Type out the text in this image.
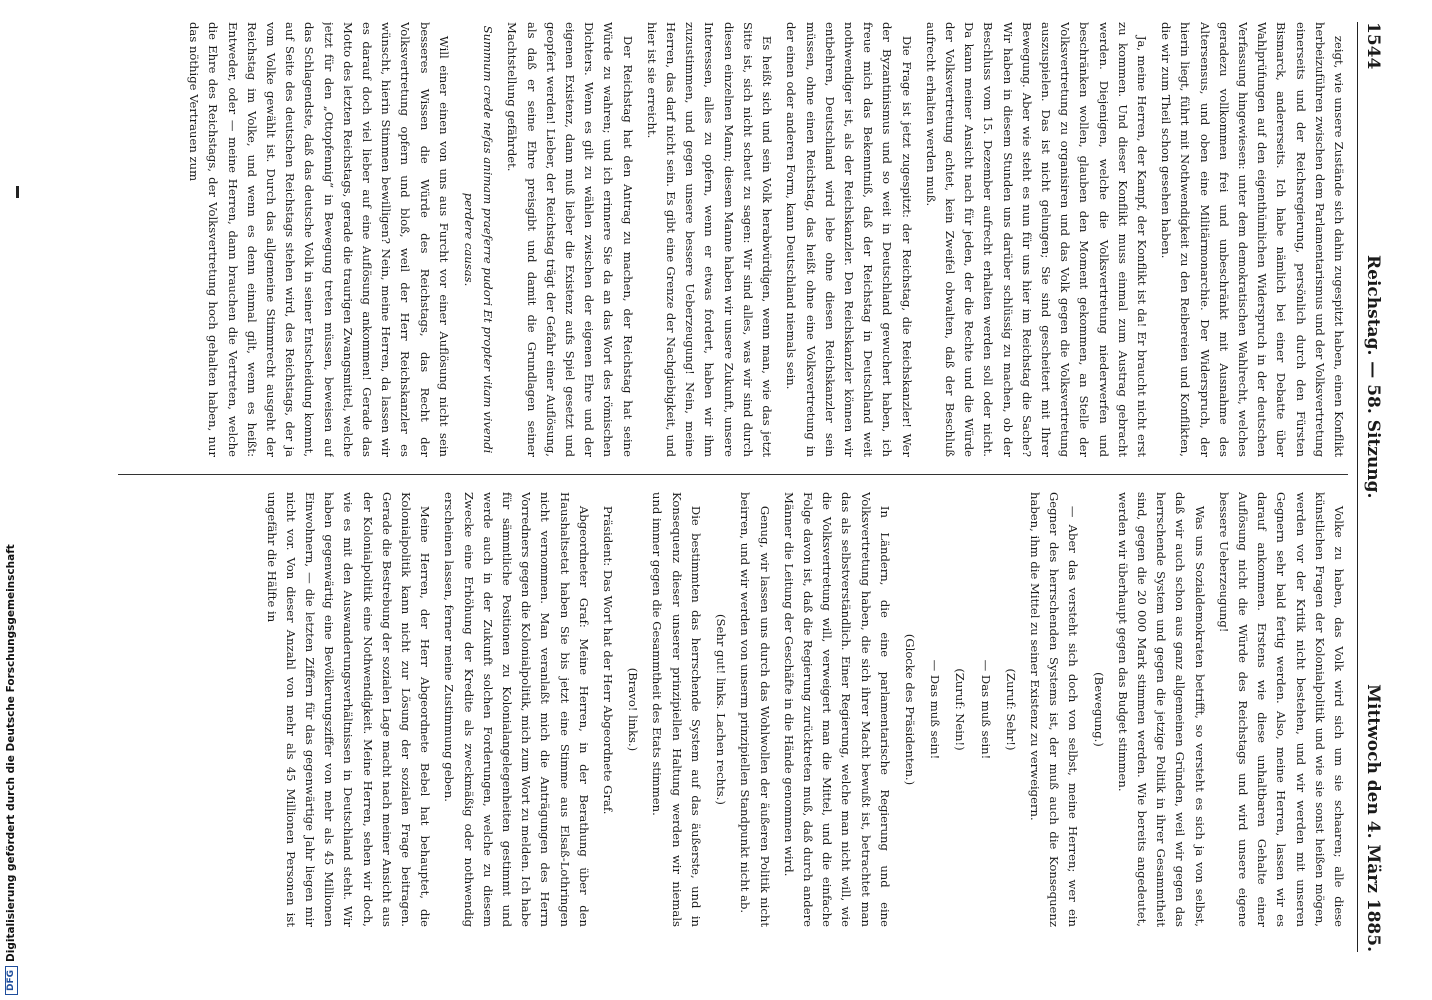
DFG
Digitalisierung gefördert durch die Deutsche Forschungsgemeinschaft
1544
Reichstag. — 58. Sitzung.
Mittwoch den 4. März 1885.

zeigt, wie unsere Zustände sich dahin zugespitzt haben, einen Konflikt herbeizuführen zwischen dem Parlamentarismus und der Volksvertretung einerseits und der Reichsregierung, persönlich durch den Fürsten Bismarck, andererseits. Ich habe nämlich bei einer Debatte über Wahlprüfungen auf den eigenthümlichen Widerspruch in der deutschen Verfassung hingewiesen: unter dem demokratischen Wahlrecht, welches geradezu vollkommen frei und unbeschränkt mit Ausnahme des Altersensus, und oben eine Militärmonarchie. Der Widerspruch, der hierin liegt, führt mit Nothwendigkeit zu den Reibereien und Konflikten, die wir zum Theil schon gesehen haben.

Ja, meine Herren, der Kampf, der Konflikt ist da! Er braucht nicht erst zu kommen. Und dieser Konflikt muss einmal zum Austrag gebracht werden. Diejenigen, welche die Volksvertretung niederwerfen und beschränken wollen, glauben den Moment gekommen, an Stelle der Volksvertretung zu organisiren und das Volk gegen die Volksvertretung auszuspielen. Das ist nicht gelungen; Sie sind gescheitert mit Ihrer Bewegung. Aber wie steht es nun für uns hier im Reichstag die Sache? Wir haben in diesem Stunden uns darüber schlüssig zu machen, ob der Beschluss vom 15. Dezember aufrecht erhalten werden soll oder nicht. Da kann meiner Ansicht nach für jeden, der die Rechte und die Würde der Volksvertretung achtet, kein Zweifel obwalten, daß der Beschluß aufrecht erhalten werden muß.

Die Frage ist jetzt zugespitzt: der Reichstag, die Reichskanzler! Wer der Byzantinismus und so weit in Deutschland gewuchert haben, ich freue mich das Bekenntniß, daß der Reichstag in Deutschland weit nothwendiger ist, als der Reichskanzler. Den Reichskanzler können wir entbehren, Deutschland wird lebe ohne diesen Reichskanzler sein müssen, ohne einen Reichstag, das heißt ohne eine Volksvertretung in der einen oder anderen Form, kann Deutschland niemals sein.

Es heißt sich und sein Volk herabwürdigen, wenn man, wie das jetzt Sitte ist, sich nicht scheut zu sagen: Wir sind alles, was wir sind durch diesen einzelnen Mann; diesem Manne haben wir unsere Zukunft, unsere Interessen, alles zu opfern, wenn er etwas fordert, haben wir ihm zuzustimmen, und gegen unsere bessere Ueberzeugung! Nein, meine Herren, das darf nicht sein. Es gibt eine Grenze der Nachgiebigkeit, und hier ist sie erreicht.

Der Reichstag hat den Antrag zu machen, der Reichstag hat seine Würde zu wahren; und ich erinnere Sie da an das Wort des römischen Dichters. Wenn es gilt zu wählen zwischen der eigenen Ehre und der eigenen Existenz, dann muß lieber die Existenz aufs Spiel gesetzt und geopfert werden! Lieber, der Reichstag trägt der Gefahr einer Auflösung, als daß er seine Ehre preisgibt und damit die Grundlagen seiner Machtstellung gefährdet.

Summum crede nefas animam praeferre pudori Et propter vitam vivendi perdere causas.

Will einer einen von uns aus Furcht vor einer Auflösung nicht sein besseres Wissen die Würde des Reichstags, das Recht der Volksvertretung opfern und bloß, weil der Herr Reichskanzler es wünscht, hierin Stimmen bewilligen? Nein, meine Herren, da lassen wir es darauf doch viel lieber auf eine Auflösung ankommen! Gerade das Motto des letzten Reichstags, gerade die traurigen Zwangsmittel, welche jetzt für den „Ottopfennig“ in Bewegung treten müssen, beweisen auf das Schlagendste, daß das deutsche Volk in seiner Entscheidung kommt, auf Seite des deutschen Reichstags stehen wird, des Reichstags, der ja vom Volke gewählt ist. Durch das allgemeine Stimmrecht ausgeht der Reichstag im Volke, und wenn es denn einmal gilt, wenn es heißt: Entweder, oder — meine Herren, dann brauchen die Vertreten, welche die Ehre des Reichstags, der Volksvertretung hoch gehalten haben, nur das nöthige Vertrauen zum

Volke zu haben, das Volk wird sich um sie schaaren; alle diese künstlichen Fragen der Kolonialpolitik und wie sie sonst heißen mögen, werden vor der Kritik nicht bestehen, und wir werden mit unseren Gegnern sehr bald fertig werden. Also, meine Herren, lassen wir es darauf ankommen. Erstens wie diese unhaltbaren Gehalte einer Auflösung nicht die Würde des Reichstags und wird unsere eigene bessere Ueberzeugung!

Was uns Sozialdemokraten betrifft, so versteht es sich ja von selbst, daß wir auch schon aus ganz allgemeinen Gründen, weil wir gegen das herrschende System und gegen die jetzige Politik in ihrer Gesammtheit sind, gegen die 20 000 Mark stimmen werden. Wie bereits angedeutet, werden wir überhaupt gegen das Budget stimmen.

(Bewegung.)

— Aber das versteht sich doch von selbst, meine Herren; wer ein Gegner des herrschenden Systems ist, der muß auch die Konsequenz haben, ihm die Mittel zu seiner Existenz zu verweigern.

(Zuruf: Sehr!)

— Das muß sein!

(Zuruf: Nein!)

— Das muß sein!

(Glocke des Präsidenten.)

In Ländern, die eine parlamentarische Regierung und eine Volksvertretung haben, die sich ihrer Macht bewußt ist, betrachtet man das als selbstverständlich. Einer Regierung, welche man nicht will, wie die Volksvertretung will, verweigert man die Mittel, und die einfache Folge davon ist, daß die Regierung zurücktreten muß, daß durch andere Männer die Leitung der Geschäfte in die Hände genommen wird.

Genug, wir lassen uns durch das Wohlwollen der äußeren Politik nicht beirren, und wir werden von unserm prinzipiellen Standpunkt nicht ab.

(Sehr gut! links. Lachen rechts.)

Die bestimmten das herrschende System auf das äußerste, und in Konsequenz dieser unserer prinzipiellen Haltung werden wir niemals und immer gegen die Gesammtheit des Etats stimmen.

(Bravo! links.)

Präsident: Das Wort hat der Herr Abgeordnete Graf.

Abgeordneter Graf: Meine Herren, in der Berathung über den Haushaltsetat haben Sie bis jetzt eine Stimme aus Elsaß-Lothringen nicht vernommen. Man veranlaßt mich die Anträgungen des Herrn Vorredners gegen die Kolonialpolitik, mich zum Wort zu melden. Ich habe für sämmtliche Positionen zu Kolonialangelegenheiten gestimmt und werde auch in der Zukunft solchen Forderungen, welche zu diesem Zwecke eine Erhöhung der Kredite als zweckmäßig oder nothwendig erscheinen lassen, ferner meine Zustimmung geben.

Meine Herren, der Herr Abgeordnete Bebel hat behauptet, die Kolonialpolitik kann nicht zur Lösung der sozialen Frage beitragen. Gerade die Bestrebung der sozialen Lage macht nach meiner Ansicht aus der Kolonialpolitik eine Nothwendigkeit. Meine Herren, sehen wir doch, wie es mit den Auswanderungsverhältnissen in Deutschland steht. Wir haben gegenwärtig eine Bevölkerungsziffer von mehr als 45 Millionen Einwohnern, — die letzten Ziffern für das gegenwärtige Jahr liegen mir nicht vor. Von dieser Anzahl von mehr als 45 Millionen Personen ist ungefähr die Hälfte in
